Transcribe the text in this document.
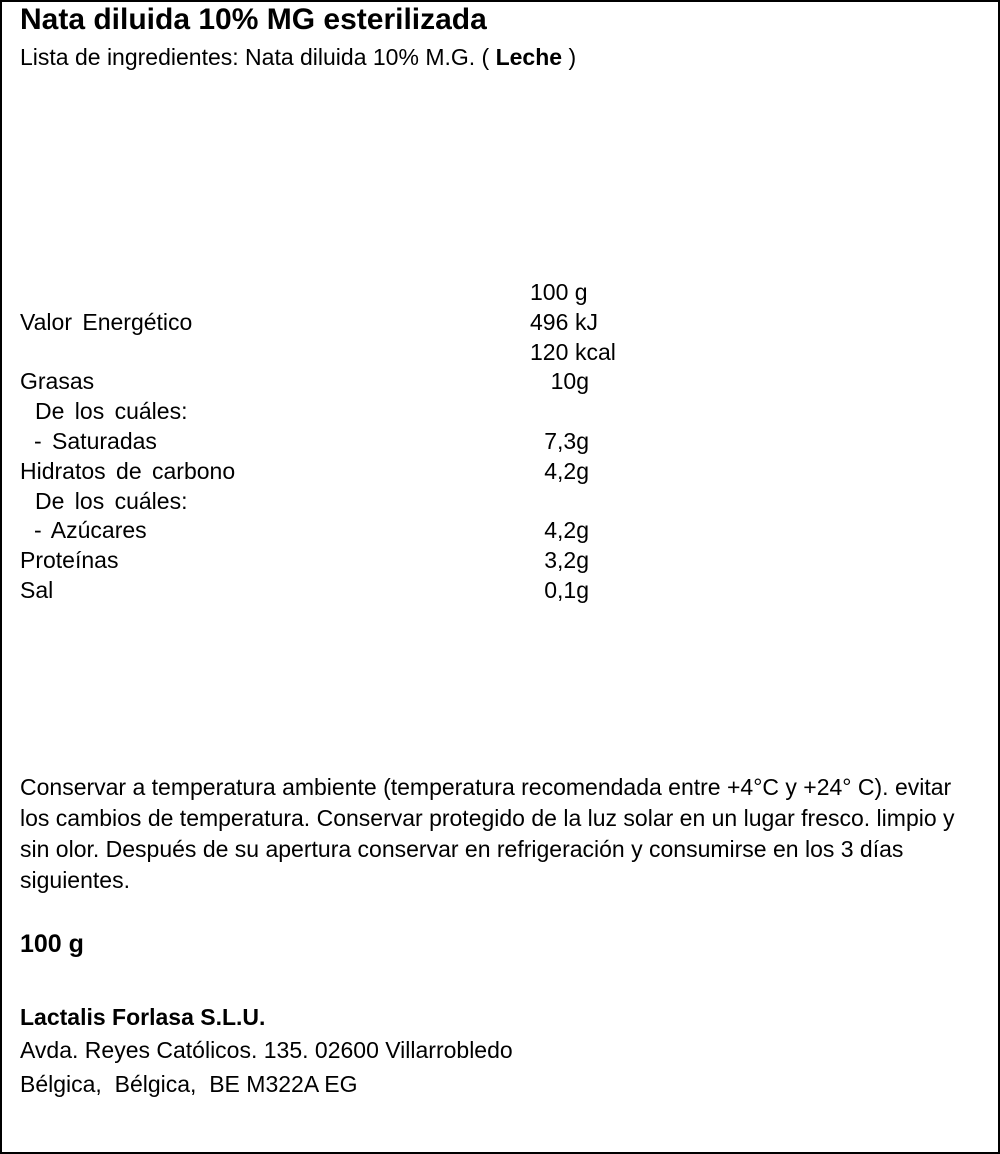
Nata diluida 10% MG esterilizada
Lista de ingredientes: Nata diluida 10% M.G. ( Leche )
100 g
Valor Energético	496 kJ
120 kcal
Grasas	10g
De los cuáles:
- Saturadas	7,3g
Hidratos de carbono	4,2g
De los cuáles:
- Azúcares	4,2g
Proteínas	3,2g
Sal	0,1g
Conservar a temperatura ambiente (temperatura recomendada entre +4°C y +24° C). evitar los cambios de temperatura. Conservar protegido de la luz solar en un lugar fresco. limpio y sin olor. Después de su apertura conservar en refrigeración y consumirse en los 3 días siguientes.
100 g
Lactalis Forlasa S.L.U.
Avda. Reyes Católicos. 135. 02600 Villarrobledo
Bélgica,  Bélgica,  BE M322A EG
